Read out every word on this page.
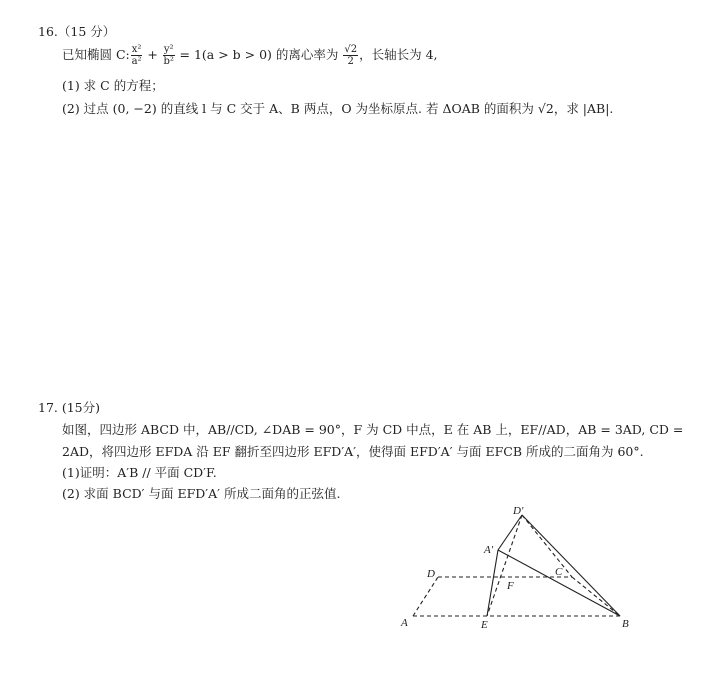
16.（15 分）
已知椭圆 C: $\frac{\text{x²}}{\text{a²}} + \frac{\text{y²}}{\text{b²}} = 1(a > b > 0)$ 的离心率为 $\frac{√2}{2}$ ，长轴长为 4,
(1) 求 C 的方程；
(2) 过点 (0, −2) 的直线 l 与 C 交于 A、B 两点，O 为坐标原点. 若 ΔOAB 的面积为 √2，求 |AB|.
17. (15分)
如图，四边形 ABCD 中，AB//CD, ∠DAB = 90°，F 为 CD 中点，E 在 AB 上，EF//AD，AB = 3AD, CD =
2AD，将四边形 EFDA 沿 EF 翻折至四边形 EFD′A′，使得面 EFD′A′ 与面 EFCB 所成的二面角为 60°.
(1)证明：A′B // 平面 CD′F.
(2) 求面 BCD′ 与面 EFD′A′ 所成二面角的正弦值.
A	E	B
D	C
F
A′
D′
